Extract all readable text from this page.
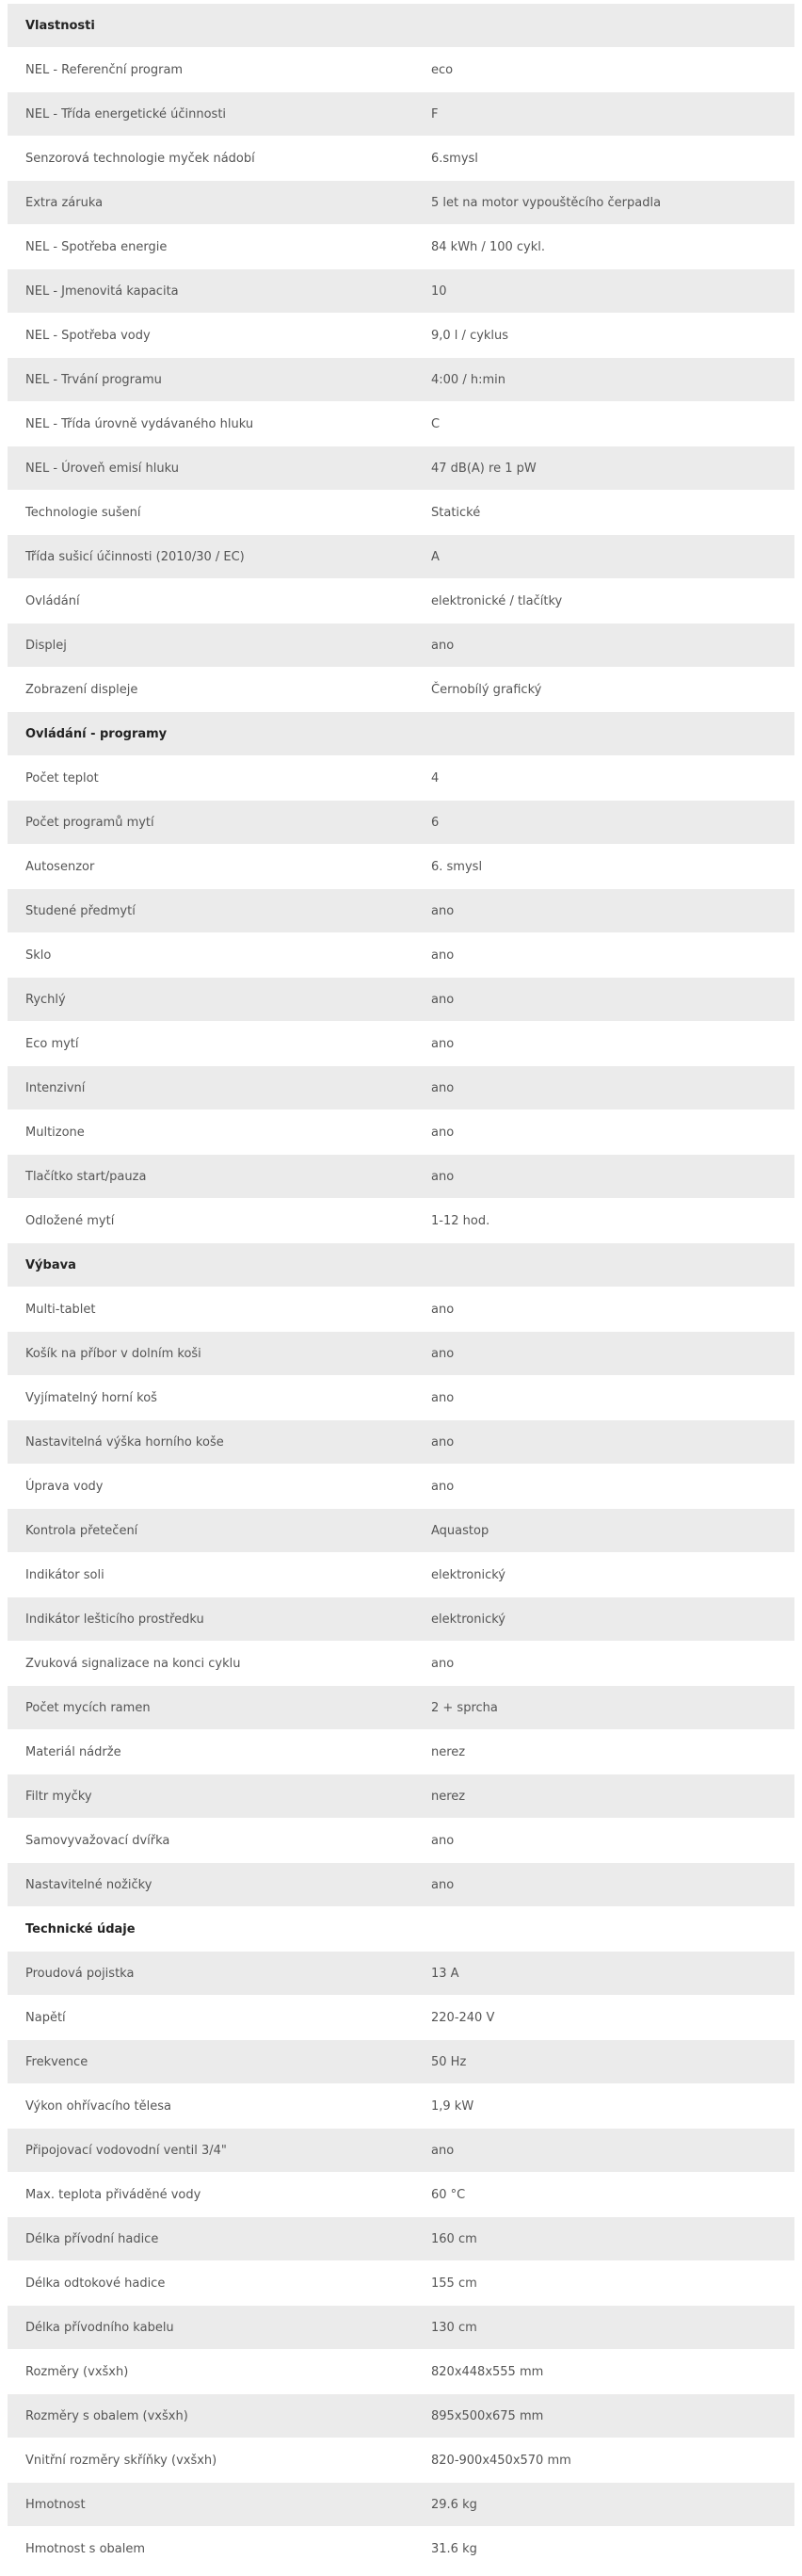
Vlastnosti	
NEL - Referenční program	eco
NEL - Třída energetické účinnosti	F
Senzorová technologie myček nádobí	6.smysl
Extra záruka	5 let na motor vypouštěcího čerpadla
NEL - Spotřeba energie	84 kWh / 100 cykl.
NEL - Jmenovitá kapacita	10
NEL - Spotřeba vody	9,0 l / cyklus
NEL - Trvání programu	4:00 / h:min
NEL - Třída úrovně vydávaného hluku	C
NEL - Úroveň emisí hluku	47 dB(A) re 1 pW
Technologie sušení	Statické
Třída sušicí účinnosti (2010/30 / EC)	A
Ovládání	elektronické / tlačítky
Displej	ano
Zobrazení displeje	Černobílý grafický
Ovládání - programy	
Počet teplot	4
Počet programů mytí	6
Autosenzor	6. smysl
Studené předmytí	ano
Sklo	ano
Rychlý	ano
Eco mytí	ano
Intenzivní	ano
Multizone	ano
Tlačítko start/pauza	ano
Odložené mytí	1-12 hod.
Výbava	
Multi-tablet	ano
Košík na příbor v dolním koši	ano
Vyjímatelný horní koš	ano
Nastavitelná výška horního koše	ano
Úprava vody	ano
Kontrola přetečení	Aquastop
Indikátor soli	elektronický
Indikátor lešticího prostředku	elektronický
Zvuková signalizace na konci cyklu	ano
Počet mycích ramen	2 + sprcha
Materiál nádrže	nerez
Filtr myčky	nerez
Samovyvažovací dvířka	ano
Nastavitelné nožičky	ano
Technické údaje	
Proudová pojistka	13 A
Napětí	220-240 V
Frekvence	50 Hz
Výkon ohřívacího tělesa	1,9 kW
Připojovací vodovodní ventil 3/4"	ano
Max. teplota přiváděné vody	60 °C
Délka přívodní hadice	160 cm
Délka odtokové hadice	155 cm
Délka přívodního kabelu	130 cm
Rozměry (vxšxh)	820x448x555 mm
Rozměry s obalem (vxšxh)	895x500x675 mm
Vnitřní rozměry skříňky (vxšxh)	820-900x450x570 mm
Hmotnost	29.6 kg
Hmotnost s obalem	31.6 kg
